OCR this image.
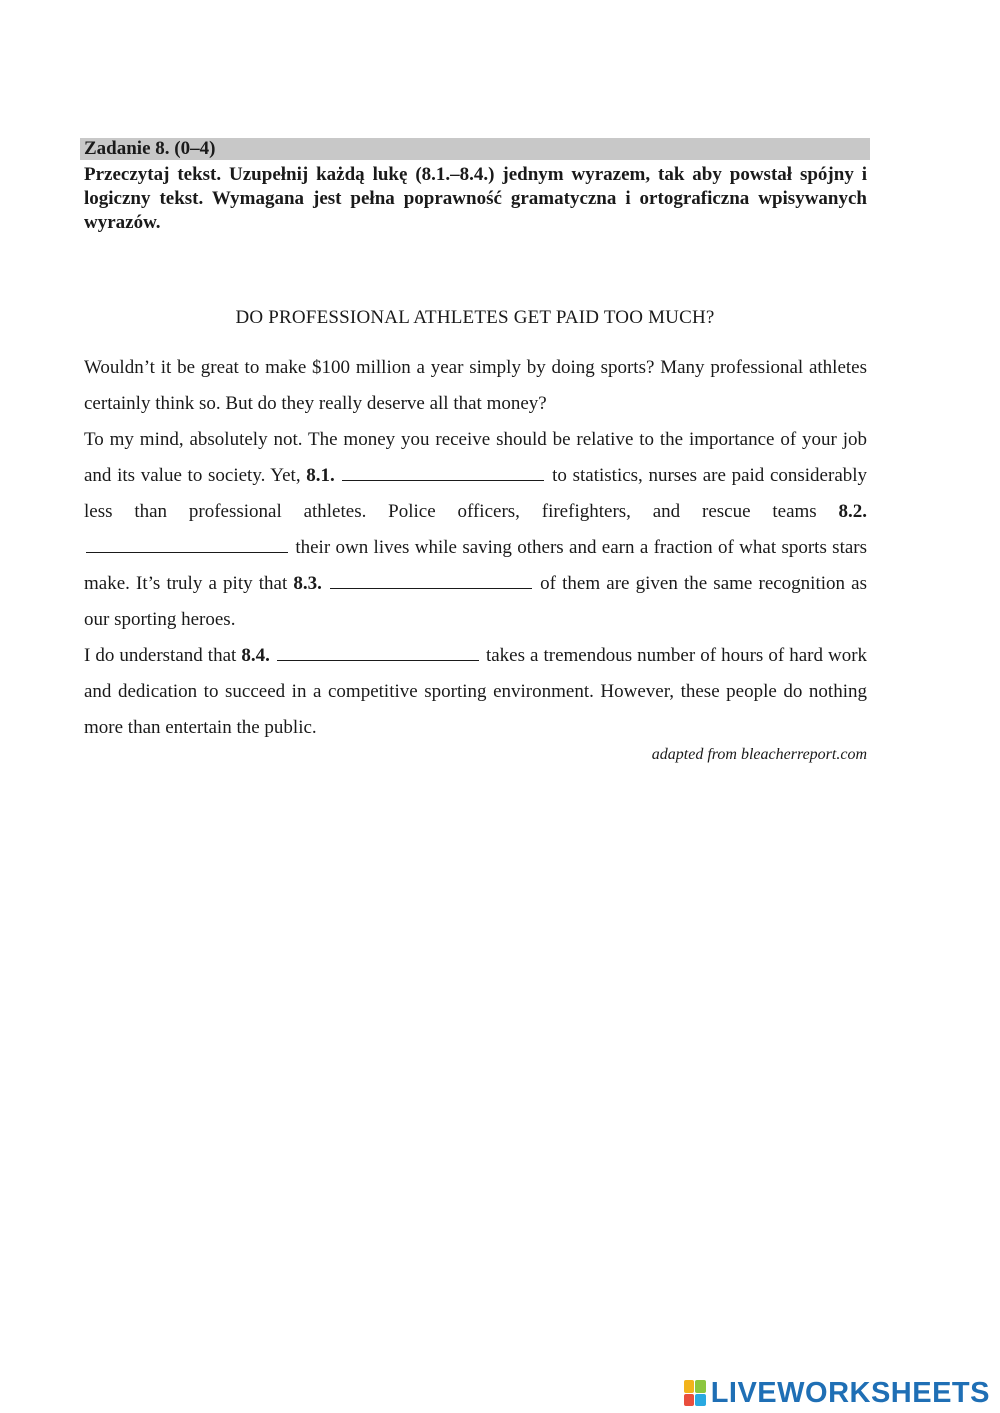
Zadanie 8. (0–4)
Przeczytaj tekst. Uzupełnij każdą lukę (8.1.–8.4.) jednym wyrazem, tak aby powstał spójny i logiczny tekst. Wymagana jest pełna poprawność gramatyczna i ortograficzna wpisywanych wyrazów.
DO PROFESSIONAL ATHLETES GET PAID TOO MUCH?

Wouldn’t it be great to make $100 million a year simply by doing sports? Many professional athletes certainly think so. But do they really deserve all that money?

To my mind, absolutely not. The money you receive should be relative to the importance of your job and its value to society. Yet, 8.1.	to statistics, nurses are paid considerably less than professional athletes. Police officers, firefighters, and rescue teams 8.2.  their own lives while saving others and earn a fraction of what sports stars make. It’s truly a pity that 8.3.	of them are given the same recognition as our sporting heroes.

I do understand that 8.4.	takes a tremendous number of hours of hard work and dedication to succeed in a competitive sporting environment. However, these people do nothing more than entertain the public.

adapted from bleacherreport.com
LIVEWORKSHEETS
